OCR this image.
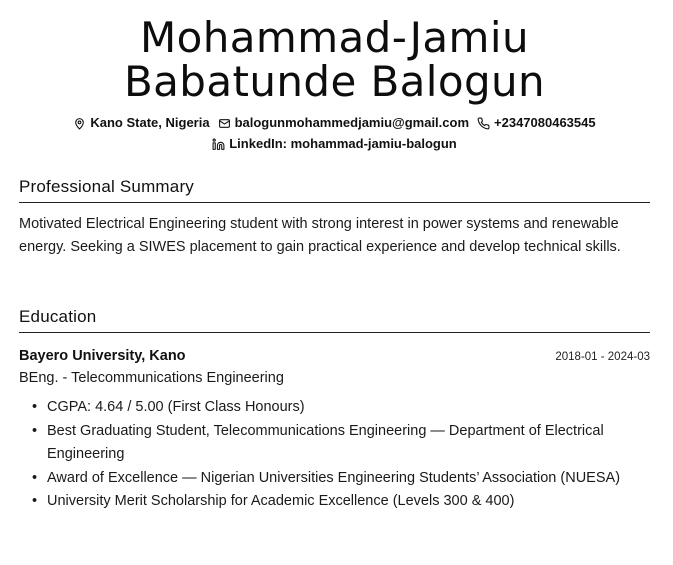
Mohammad-Jamiu Babatunde Balogun
Kano State, Nigeria balogunmohammedjamiu@gmail.com +2347080463545
LinkedIn: mohammad-jamiu-balogun
Professional Summary
Motivated Electrical Engineering student with strong interest in power systems and renewable energy. Seeking a SIWES placement to gain practical experience and develop technical skills.
Education
Bayero University, Kano	2018-01 - 2024-03
BEng. - Telecommunications Engineering
• CGPA: 4.64 / 5.00 (First Class Honours)
• Best Graduating Student, Telecommunications Engineering — Department of Electrical Engineering
• Award of Excellence — Nigerian Universities Engineering Students’ Association (NUESA)
• University Merit Scholarship for Academic Excellence (Levels 300 & 400)
